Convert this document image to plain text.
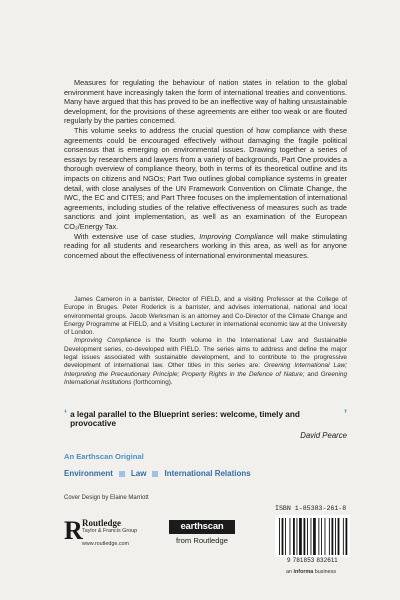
Measures for regulating the behaviour of nation states in relation to the global environment have increasingly taken the form of international treaties and conventions. Many have argued that this has proved to be an ineffective way of halting unsustainable development, for the provisions of these agreements are either too weak or are flouted regularly by the parties concerned.

This volume seeks to address the crucial question of how compliance with these agreements could be encouraged effectively without damaging the fragile political consensus that is emerging on environmental issues. Drawing together a series of essays by researchers and lawyers from a variety of backgrounds, Part One provides a thorough overview of compliance theory, both in terms of its theoretical outline and its impacts on citizens and NGOs; Part Two outlines global compliance systems in greater detail, with close analyses of the UN Framework Convention on Climate Change, the IWC, the EC and CITES; and Part Three focuses on the implementation of international agreements, including studies of the relative effectiveness of measures such as trade sanctions and joint implementation, as well as an examination of the European CO₂/Energy Tax.

With extensive use of case studies, Improving Compliance will make stimulating reading for all students and researchers working in this area, as well as for anyone concerned about the effectiveness of international environmental measures.

James Cameron in a barrister, Director of FIELD, and a visiting Professor at the College of Europe in Bruges. Peter Roderick is a barrister, and advises international, national and local environmental groups. Jacob Werksman is an attorney and Co-Director of the Climate Change and Energy Programme at FIELD, and a Visiting Lecturer in international economic law at the University of London.

Improving Compliance is the fourth volume in the International Law and Sustainable Development series, co-developed with FIELD. The series aims to address and define the major legal issues associated with sustainable development, and to contribute to the progressive development of international law. Other titles in this series are: Greening International Law; Interpreting the Precautionary Principle; Property Rights in the Defence of Nature; and Greening International Institutions (forthcoming).

‘ a legal parallel to the Blueprint series: welcome, timely and provocative
’
David Pearce
An Earthscan Original
Environment Law International Relations
Cover Design by Elaine Marriott
ISBN 1-85383-261-8
R Routledge
Taylor & Francis Group
www.routledge.com
earthscan
from Routledge
9 781853 832611
an informa business
